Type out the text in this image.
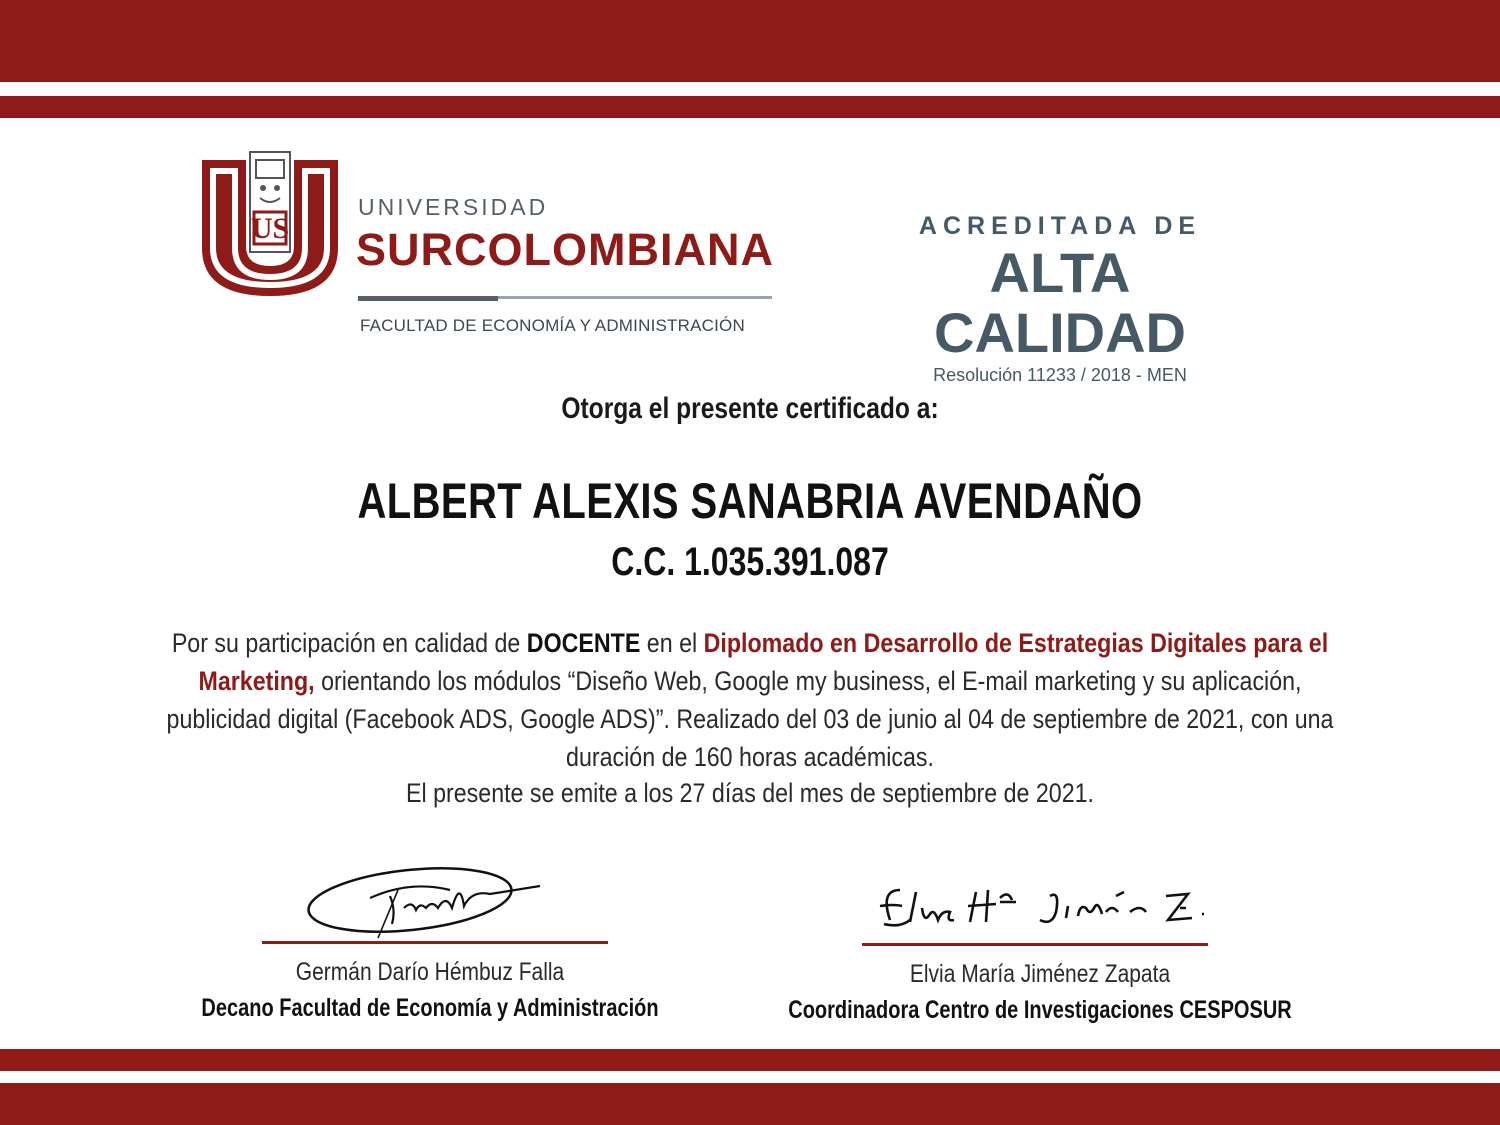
US
UNIVERSIDAD
SURCOLOMBIANA
FACULTAD DE ECONOMÍA Y ADMINISTRACIÓN
ACREDITADA DE
ALTA CALIDAD
Resolución 11233 / 2018 - MEN
Otorga el presente certificado a:
ALBERT ALEXIS SANABRIA AVENDAÑO
C.C. 1.035.391.087
Por su participación en calidad de DOCENTE en el Diplomado en Desarrollo de Estrategias Digitales para el Marketing, orientando los módulos “Diseño Web, Google my business, el E-mail marketing y su aplicación, publicidad digital (Facebook ADS, Google ADS)”. Realizado del 03 de junio al 04 de septiembre de 2021, con una duración de 160 horas académicas.
El presente se emite a los 27 días del mes de septiembre de 2021.
Germán Darío Hémbuz Falla
Decano Facultad de Economía y Administración
Elvia María Jiménez Zapata
Coordinadora Centro de Investigaciones CESPOSUR
